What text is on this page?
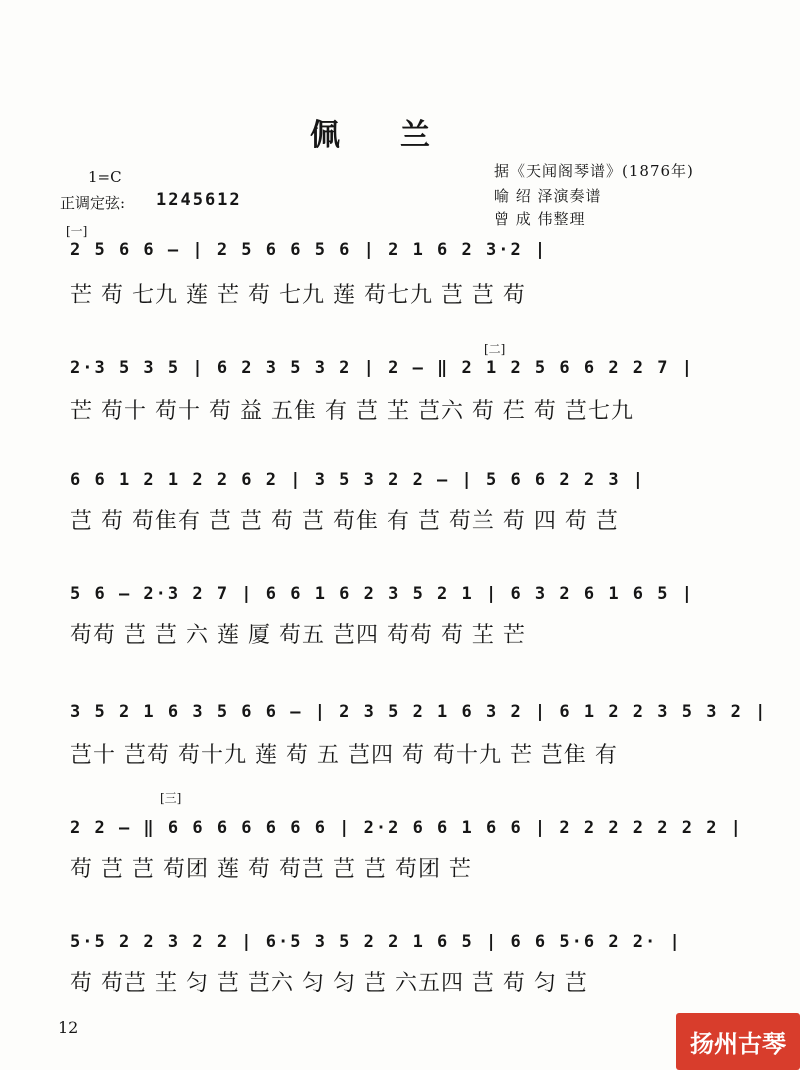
佩兰
1=C
正调定弦: 1245612
据《天闻阁琴谱》(1876年)
喻 绍 泽演奏谱
曾 成 伟整理
[一]
[二]
[三]
2 5 6 6 — | 2 5 6 6 5 6 | 2 1 6 2 3·2 |
2·3 5 3 5 | 6 2 3 5 3 2 | 2 — ‖ 2 1 2 5 6 6 2 2 7 |
6 6 1 2 1 2 2 6 2 | 3 5 3 2 2 — | 5 6 6 2 2 3 |
5 6 — 2·3 2 7 | 6 6 1 6 2 3 5 2 1 | 6 3 2 6 1 6 5 |
3 5 2 1 6 3 5 6 6 — | 2 3 5 2 1 6 3 2 | 6 1 2 2 3 5 3 2 |
2 2 — ‖ 6 6 6 6 6 6 6 | 2·2 6 6 1 6 6 | 2 2 2 2 2 2 2 |
5·5 2 2 3 2 2 | 6·5 3 5 2 2 1 6 5 | 6 6 5·6 2 2· |
芒 苟 七九 莲 芒 苟 七九 莲 苟七九 芑 芑 苟
芒 苟十 苟十 苟 益 五隹 有 芑 芏 芑六 苟 芢 苟 芑七九
芑 苟 苟隹有 芑 芑 苟 芑 苟隹 有 芑 苟兰 苟 四 苟 芑
苟苟 芑 芑 六 莲 厦 苟五 芑四 苟苟 苟 芏 芒
芑十 芑苟 苟十九 莲 苟 五 芑四 苟 苟十九 芒 芑隹 有
苟 芑 芑 苟团 莲 苟 苟芑 芑 芑 苟团 芒
苟 苟芑 芏 匀 芑 芑六 匀 匀 芑 六五四 芑 苟 匀 芑
12
扬州古琴
